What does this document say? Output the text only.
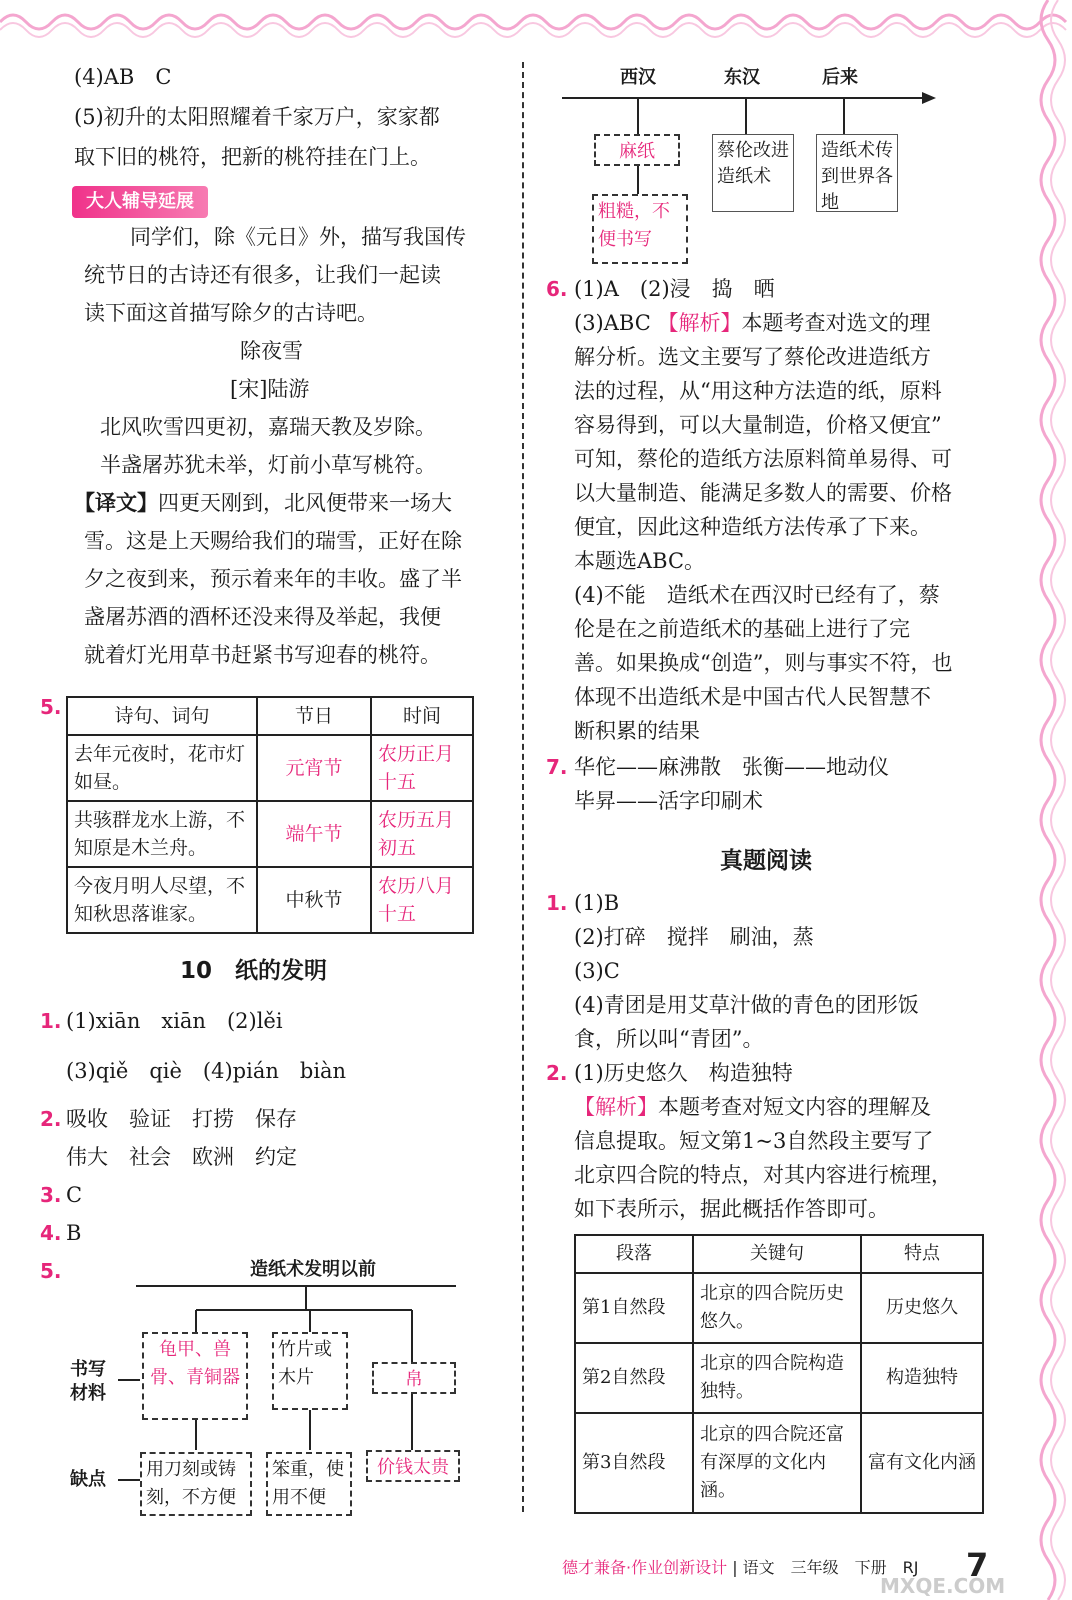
(4)AB　C
(5)初升的太阳照耀着千家万户，家家都
取下旧的桃符，把新的桃符挂在门上。
大人辅导延展
同学们，除《元日》外，描写我国传
统节日的古诗还有很多，让我们一起读
读下面这首描写除夕的古诗吧。
除夜雪
[宋]陆游
北风吹雪四更初，嘉瑞天教及岁除。
半盏屠苏犹未举，灯前小草写桃符。
【译文】四更天刚到，北风便带来一场大
雪。这是上天赐给我们的瑞雪，正好在除
夕之夜到来，预示着来年的丰收。盛了半
盏屠苏酒的酒杯还没来得及举起，我便
就着灯光用草书赶紧书写迎春的桃符。
5.	诗句、词句	节日	时间
去年元夜时，花市灯如昼。	元宵节	农历正月十五
共骇群龙水上游，不知原是木兰舟。	端午节	农历五月初五
今夜月明人尽望，不知秋思落谁家。	中秋节	农历八月十五
10　纸的发明
1. (1)xiān　xiān　(2)lěi
(3)qiě　qiè　(4)pián　biàn
2. 吸收　验证　打捞　保存
伟大　社会　欧洲　约定
3. C
4. B
5.	造纸术发明以前
书写材料
缺点
龟甲、兽骨、青铜器
竹片或木片	帛
用刀刻或铸刻，不方便
笨重，使用不便
价钱太贵
西汉	东汉	后来
麻纸
粗糙，不便书写
蔡伦改进造纸术
造纸术传到世界各地
6. (1)A　(2)浸　捣　晒
(3)ABC 【解析】本题考查对选文的理
解分析。选文主要写了蔡伦改进造纸方
法的过程，从“用这种方法造的纸，原料
容易得到，可以大量制造，价格又便宜”
可知，蔡伦的造纸方法原料简单易得、可
以大量制造、能满足多数人的需要、价格
便宜，因此这种造纸方法传承了下来。
本题选ABC。
(4)不能　造纸术在西汉时已经有了，蔡
伦是在之前造纸术的基础上进行了完
善。如果换成“创造”，则与事实不符，也
体现不出造纸术是中国古代人民智慧不
断积累的结果
7. 华佗——麻沸散　张衡——地动仪
毕昇——活字印刷术
真题阅读
1. (1)B
(2)打碎　搅拌　刷油，蒸
(3)C
(4)青团是用艾草汁做的青色的团形饭
食，所以叫“青团”。
2. (1)历史悠久　构造独特
【解析】本题考查对短文内容的理解及
信息提取。短文第1~3自然段主要写了
北京四合院的特点，对其内容进行梳理，
如下表所示，据此概括作答即可。
段落	关键句	特点
第1自然段	北京的四合院历史悠久。	历史悠久
第2自然段	北京的四合院构造独特。	构造独特
第3自然段	北京的四合院还富有深厚的文化内涵。	富有文化内涵
德才兼备·作业创新设计 | 语文　三年级　下册　RJ 7
MXQE.COM
